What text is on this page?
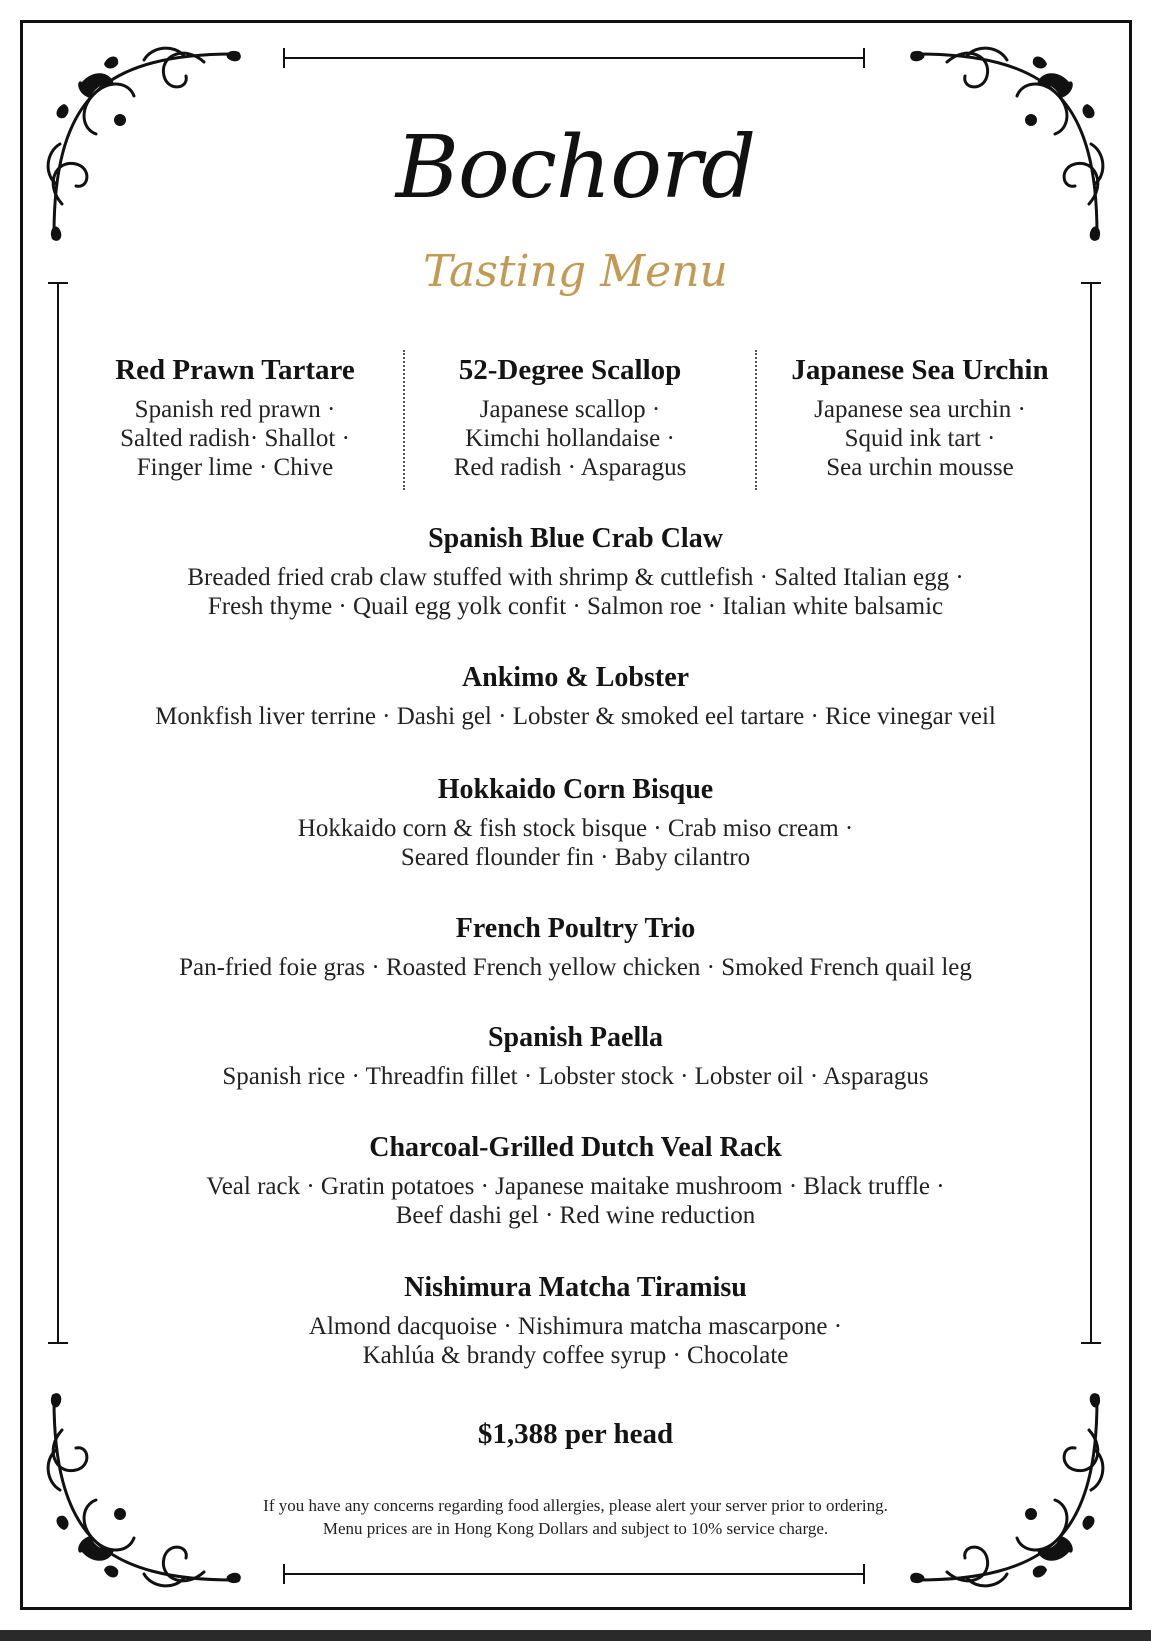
Bochord
Tasting Menu
Red Prawn Tartare
Spanish red prawn ·
Salted radish· Shallot ·
Finger lime · Chive
52-Degree Scallop
Japanese scallop ·
Kimchi hollandaise ·
Red radish · Asparagus
Japanese Sea Urchin
Japanese sea urchin ·
Squid ink tart ·
Sea urchin mousse
Spanish Blue Crab Claw
Breaded fried crab claw stuffed with shrimp & cuttlefish · Salted Italian egg ·
Fresh thyme · Quail egg yolk confit · Salmon roe · Italian white balsamic
Ankimo & Lobster
Monkfish liver terrine · Dashi gel · Lobster & smoked eel tartare · Rice vinegar veil
Hokkaido Corn Bisque
Hokkaido corn & fish stock bisque · Crab miso cream ·
Seared flounder fin · Baby cilantro
French Poultry Trio
Pan-fried foie gras · Roasted French yellow chicken · Smoked French quail leg
Spanish Paella
Spanish rice · Threadfin fillet · Lobster stock · Lobster oil · Asparagus
Charcoal-Grilled Dutch Veal Rack
Veal rack · Gratin potatoes · Japanese maitake mushroom · Black truffle ·
Beef dashi gel · Red wine reduction
Nishimura Matcha Tiramisu
Almond dacquoise · Nishimura matcha mascarpone ·
Kahlúa & brandy coffee syrup · Chocolate
$1,388 per head
If you have any concerns regarding food allergies, please alert your server prior to ordering.
Menu prices are in Hong Kong Dollars and subject to 10% service charge.
